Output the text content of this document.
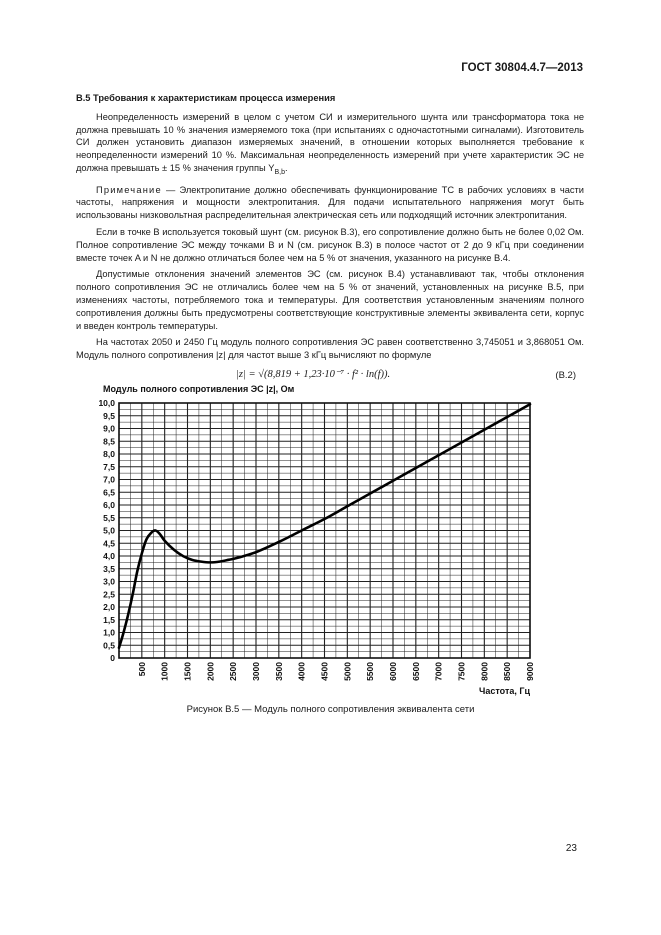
ГОСТ 30804.4.7—2013
В.5 Требования к характеристикам процесса измерения

Неопределенность измерений в целом с учетом СИ и измерительного шунта или трансформатора тока не должна превышать 10 % значения измеряемого тока (при испытаниях с одночастотными сигналами). Изготовитель СИ должен установить диапазон измеряемых значений, в отношении которых выполняется требование к неопределенности измерений 10 %. Максимальная неопределенность измерений при учете характеристик ЭС не должна превышать ± 15 % значения группы $Y_{B,b}$.

Примечание — Электропитание должно обеспечивать функционирование ТС в рабочих условиях в части частоты, напряжения и мощности электропитания. Для подачи испытательного напряжения могут быть использованы низковольтная распределительная электрическая сеть или подходящий источник электропитания.

Если в точке B используется токовый шунт (см. рисунок В.3), его сопротивление должно быть не более 0,02 Ом. Полное сопротивление ЭС между точками B и N (см. рисунок В.3) в полосе частот от 2 до 9 кГц при соединении вместе точек A и N не должно отличаться более чем на 5 % от значения, указанного на рисунке В.4.

Допустимые отклонения значений элементов ЭС (см. рисунок В.4) устанавливают так, чтобы отклонения полного сопротивления ЭС не отличались более чем на 5 % от значений, установленных на рисунке В.5, при изменениях частоты, потребляемого тока и температуры. Для соответствия установленным значениям полного сопротивления должны быть предусмотрены соответствующие конструктивные элементы эквивалента сети, корпус и введен контроль температуры.

На частотах 2050 и 2450 Гц модуль полного сопротивления ЭС равен соответственно 3,745051 и 3,868051 Ом. Модуль полного сопротивления |z| для частот выше 3 кГц вычисляют по формуле

|z| = √(8,819 + 1,23·10⁻⁷ · f² · ln(f)).	(В.2)
0
0,5
1,0
1,5
2,0
2,5
3,0
3,5
4,0
4,5
5,0
5,5
6,0
6,5
7,0
7,5
8,0
8,5
9,0
9,5
10,0
500 1000 1500 2000 2500 3000 3500 4000 4500 5000 5500 6000 6500 7000 7500 8000 8500 9000
Модуль полного сопротивления ЭС |z|, Ом
Частота, Гц
Рисунок В.5 — Модуль полного сопротивления эквивалента сети
23
